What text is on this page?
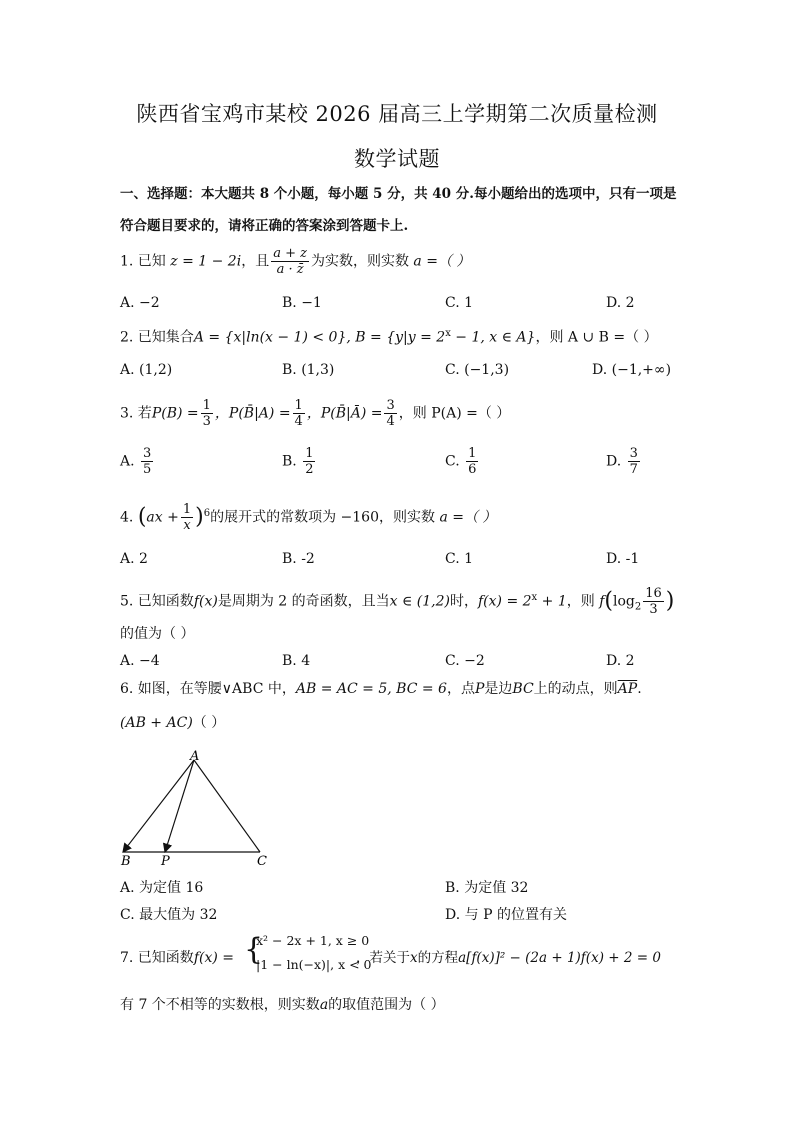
陕西省宝鸡市某校 2026 届高三上学期第二次质量检测
数学试题
一、选择题：本大题共 8 个小题，每小题 5 分，共 40 分.每小题给出的选项中，只有一项是
符合题目要求的，请将正确的答案涂到答题卡上.
1. 已知 z = 1 − 2i，且 $\frac{a + z}{a \cdot z̄}$ 为实数，则实数 a =（ ）
A. −2	B. −1	C. 1	D. 2
2. 已知集合A = {x|ln(x − 1) < 0}, $B = \{y|y = 2^x - 1$, x ∈ A}，则 A ∪ B =（ ）
A. (1,2)	B. (1,3)	C. (−1,3)	D. (−1,+∞)
3. 若$P(B) = \frac{1}{3}$ ，P(B̄|A) = $\frac{1}{4}$ ，P(B̄|Ā) = $\frac{3}{4}$ ，则 P(A) =（ ）
A. $\frac{3}{5}$	B. $\frac{1}{2}$	C. $\frac{1}{6}$	D. $\frac{3}{7}$
4. $(ax + \frac{1}{x} )^6$的展开式的常数项为 −160，则实数 a =（ ）
A. 2	B. -2	C. 1	D. -1
5. 已知函数f(x)是周期为 2 的奇函数，且当x ∈ (1,2)时，$f(x) = 2^x + 1$，则 $f(\log_2 \frac{16}{3}$ )
的值为（ ）
A. −4	B. 4	C. −2	D. 2
6. 如图，在等腰∨ABC 中，AB = AC = 5, BC = 6，点P是边BC上的动点，则$\overline{AP}$.
(AB + AC)（ ）
A
B P	C
A. 为定值 16	B. 为定值 32
C. 最大值为 32	D. 与 P 的位置有关
7. 已知函数f(x) = {
x² − 2x + 1, x ≥ 0
|1 − ln(−x)|, x < 0
，若关于x的方程a[f(x)]² − (2a + 1)f(x) + 2 = 0
有 7 个不相等的实数根，则实数a的取值范围为（ ）
